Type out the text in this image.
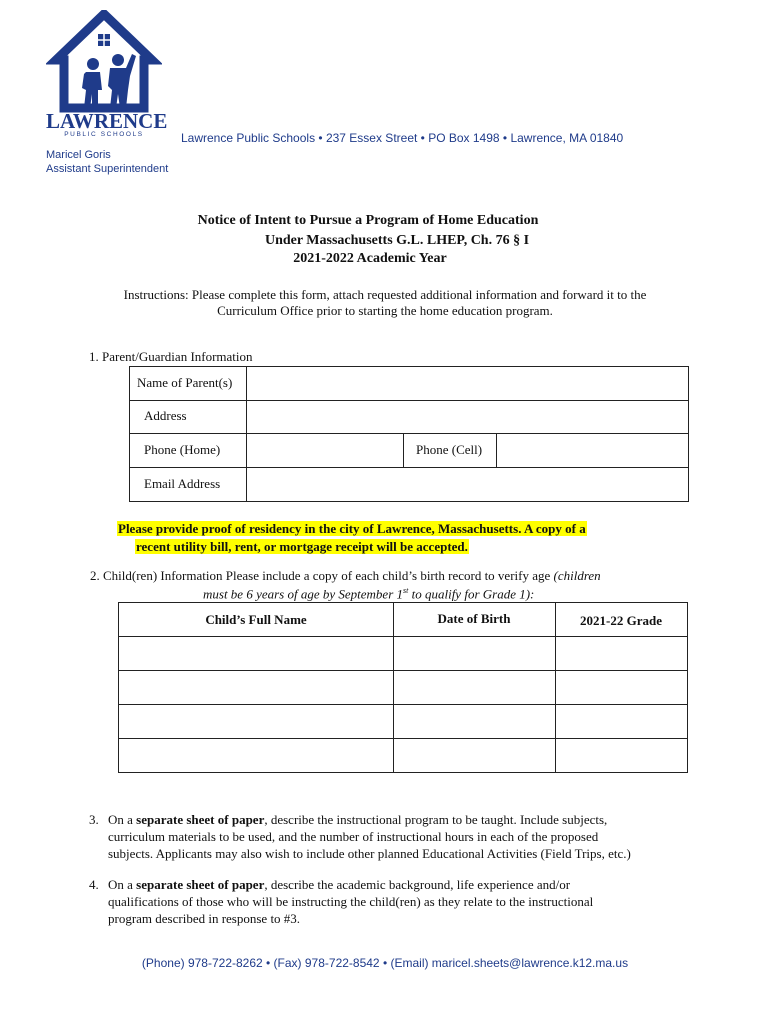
LAWRENCE
PUBLIC SCHOOLS	Lawrence Public Schools • 237 Essex Street • PO Box 1498 • Lawrence, MA 01840
Maricel Goris
Assistant Superintendent
Notice of Intent to Pursue a Program of Home Education
Under Massachusetts G.L. LHEP, Ch. 76 § I
2021-2022 Academic Year
Instructions: Please complete this form, attach requested additional information and forward it to the
Curriculum Office prior to starting the home education program.
1. Parent/Guardian Information
Name of Parent(s)
Address
Phone (Home)	Phone (Cell)
Email Address
Please provide proof of residency in the city of Lawrence, Massachusetts. A copy of a
recent utility bill, rent, or mortgage receipt will be accepted.
2. Child(ren) Information Please include a copy of each child’s birth record to verify age (children
must be 6 years of age by September 1st to qualify for Grade 1):
Child’s Full Name	Date of Birth	2021-22 Grade
3. On a separate sheet of paper, describe the instructional program to be taught. Include subjects,
curriculum materials to be used, and the number of instructional hours in each of the proposed
subjects. Applicants may also wish to include other planned Educational Activities (Field Trips, etc.)
4. On a separate sheet of paper, describe the academic background, life experience and/or
qualifications of those who will be instructing the child(ren) as they relate to the instructional
program described in response to #3.
(Phone) 978-722-8262 • (Fax) 978-722-8542 • (Email) maricel.sheets@lawrence.k12.ma.us
